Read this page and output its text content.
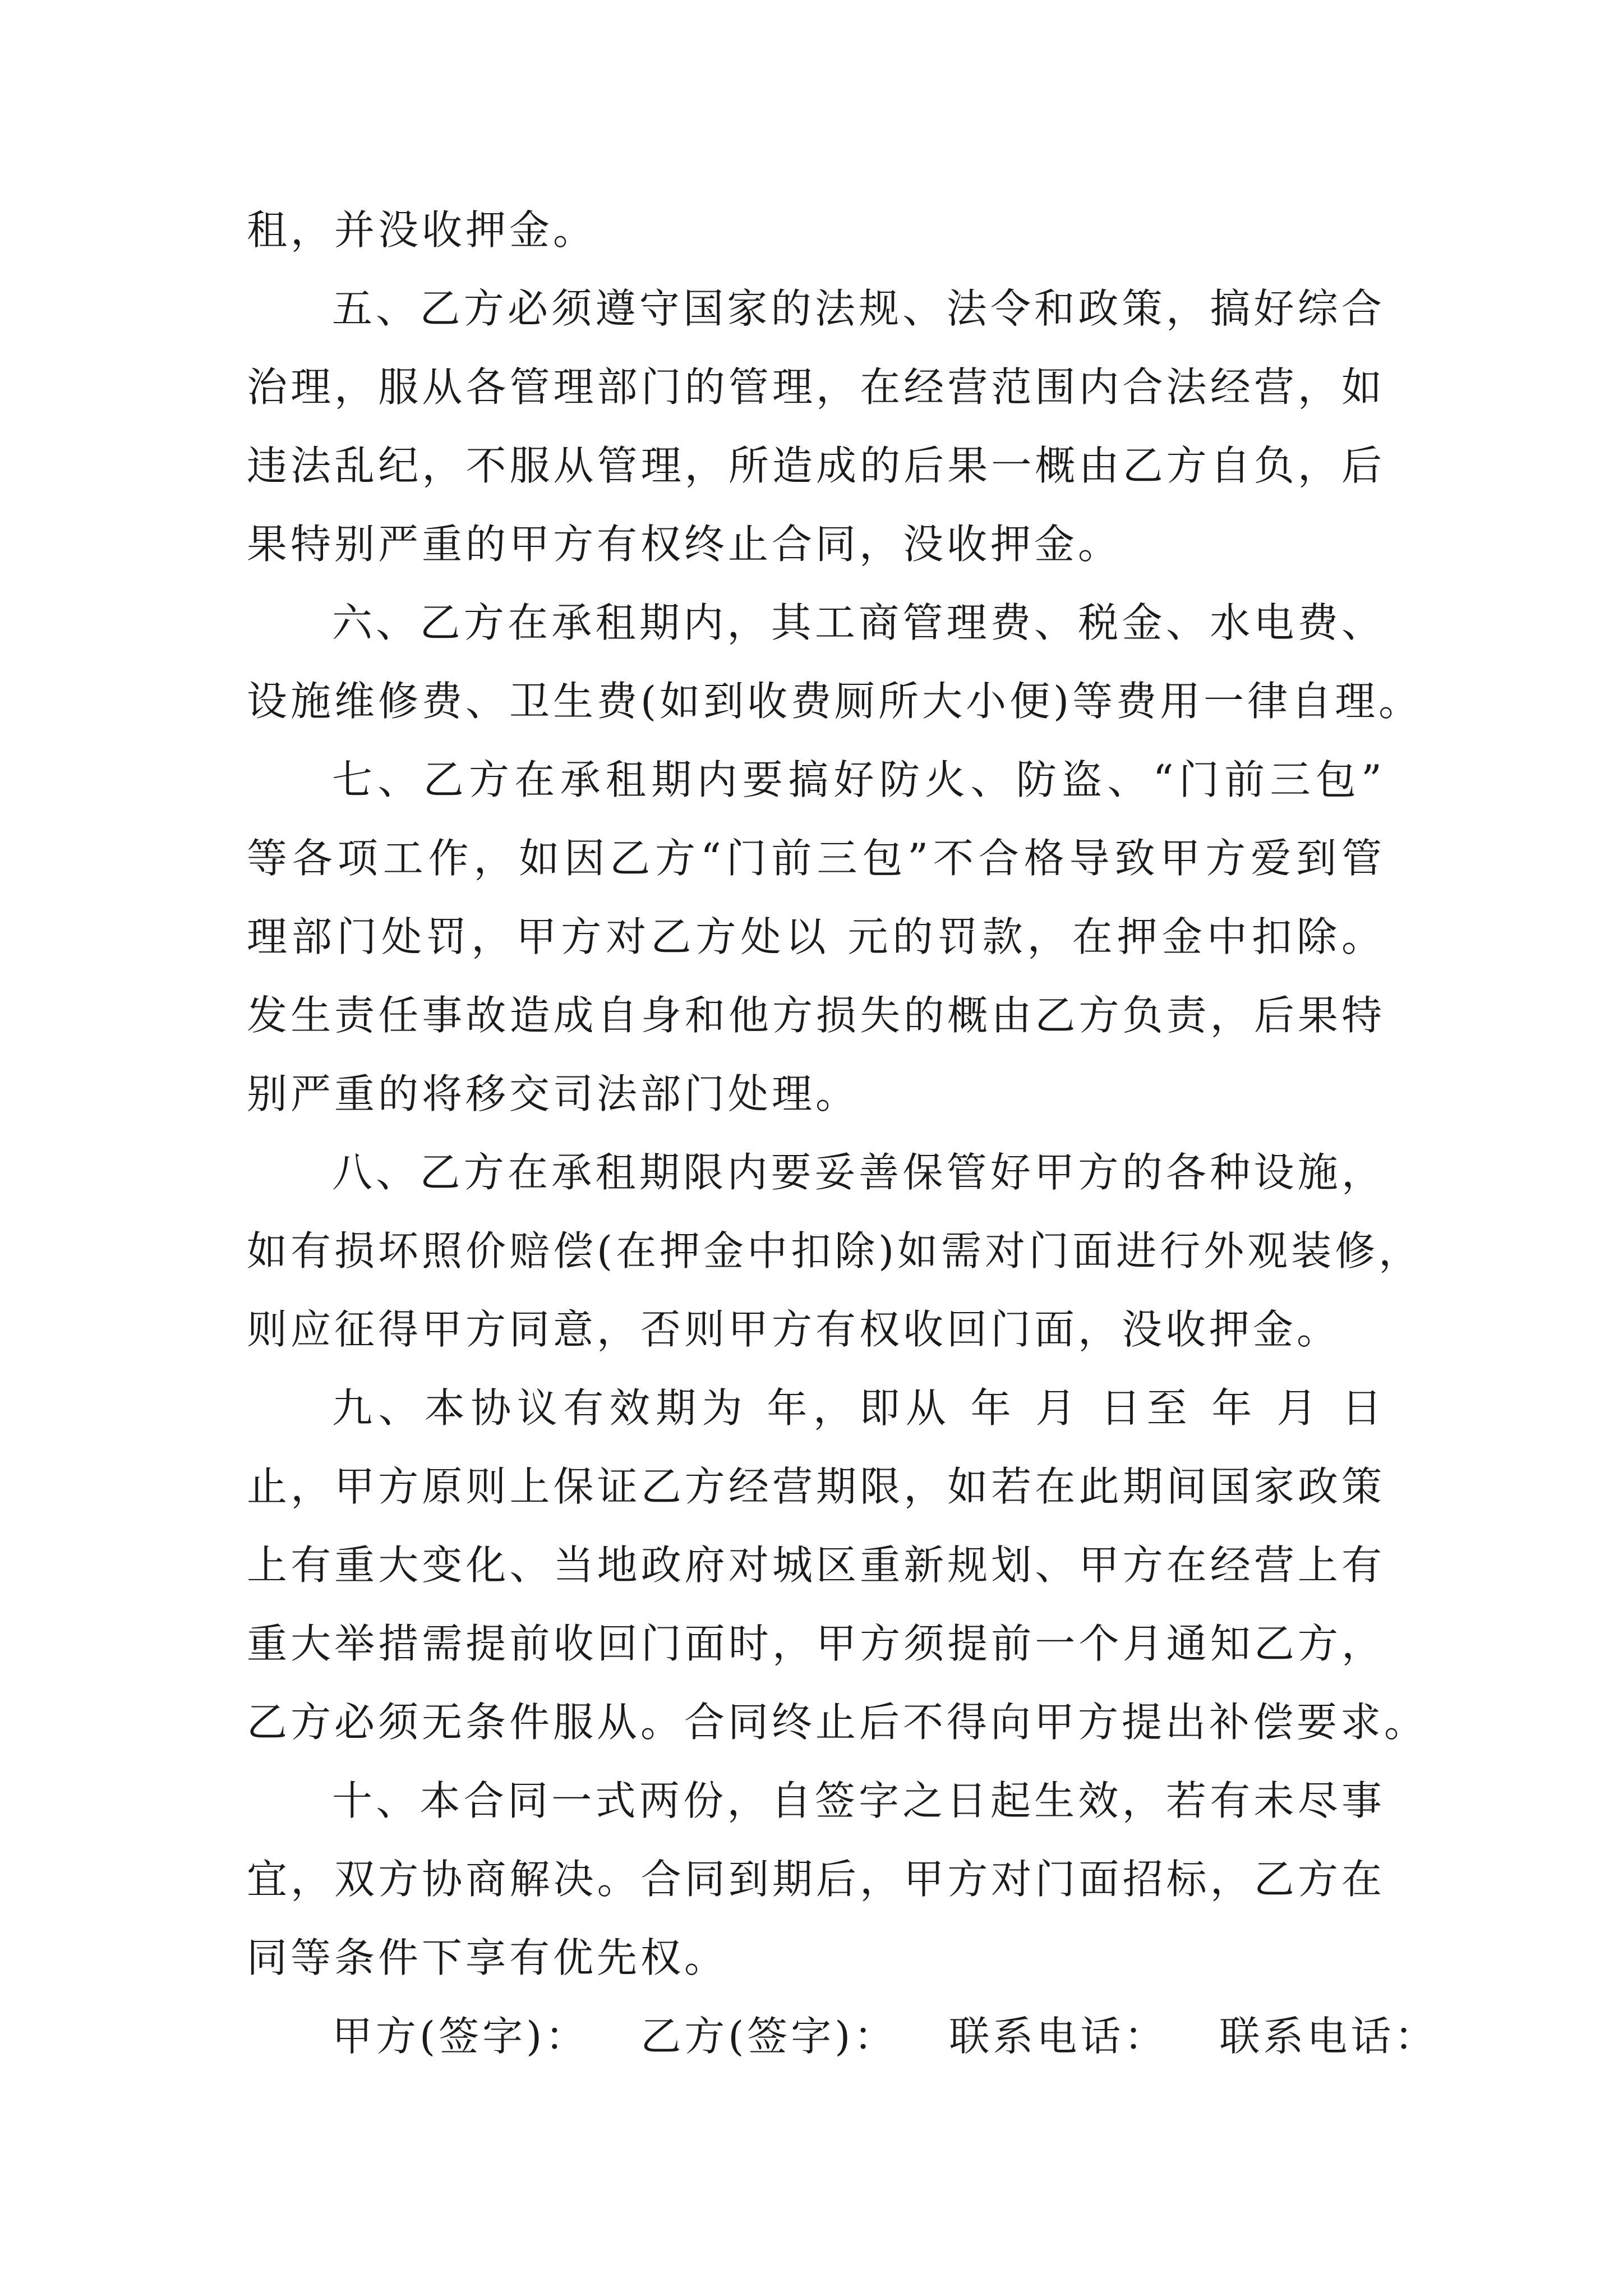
租，并没收押金。
五、乙方必须遵守国家的法规、法令和政策，搞好综合
治理，服从各管理部门的管理，在经营范围内合法经营，如
违法乱纪，不服从管理，所造成的后果一概由乙方自负，后
果特别严重的甲方有权终止合同，没收押金。
六、乙方在承租期内，其工商管理费、税金、水电费、
设施维修费、卫生费(如到收费厕所大小便)等费用一律自理。
七、乙方在承租期内要搞好防火、防盗、“门前三包”
等各项工作，如因乙方“门前三包”不合格导致甲方爱到管
理部门处罚，甲方对乙方处以 元的罚款，在押金中扣除。
发生责任事故造成自身和他方损失的概由乙方负责，后果特
别严重的将移交司法部门处理。
八、乙方在承租期限内要妥善保管好甲方的各种设施，
如有损坏照价赔偿(在押金中扣除)如需对门面进行外观装修，
则应征得甲方同意，否则甲方有权收回门面，没收押金。
九、本协议有效期为 年，即从 年 月 日至 年 月 日
止，甲方原则上保证乙方经营期限，如若在此期间国家政策
上有重大变化、当地政府对城区重新规划、甲方在经营上有
重大举措需提前收回门面时，甲方须提前一个月通知乙方，
乙方必须无条件服从。合同终止后不得向甲方提出补偿要求。
十、本合同一式两份，自签字之日起生效，若有未尽事
宜，双方协商解决。合同到期后，甲方对门面招标，乙方在
同等条件下享有优先权。
甲方(签字)： 乙方(签字)： 联系电话： 联系电话：
